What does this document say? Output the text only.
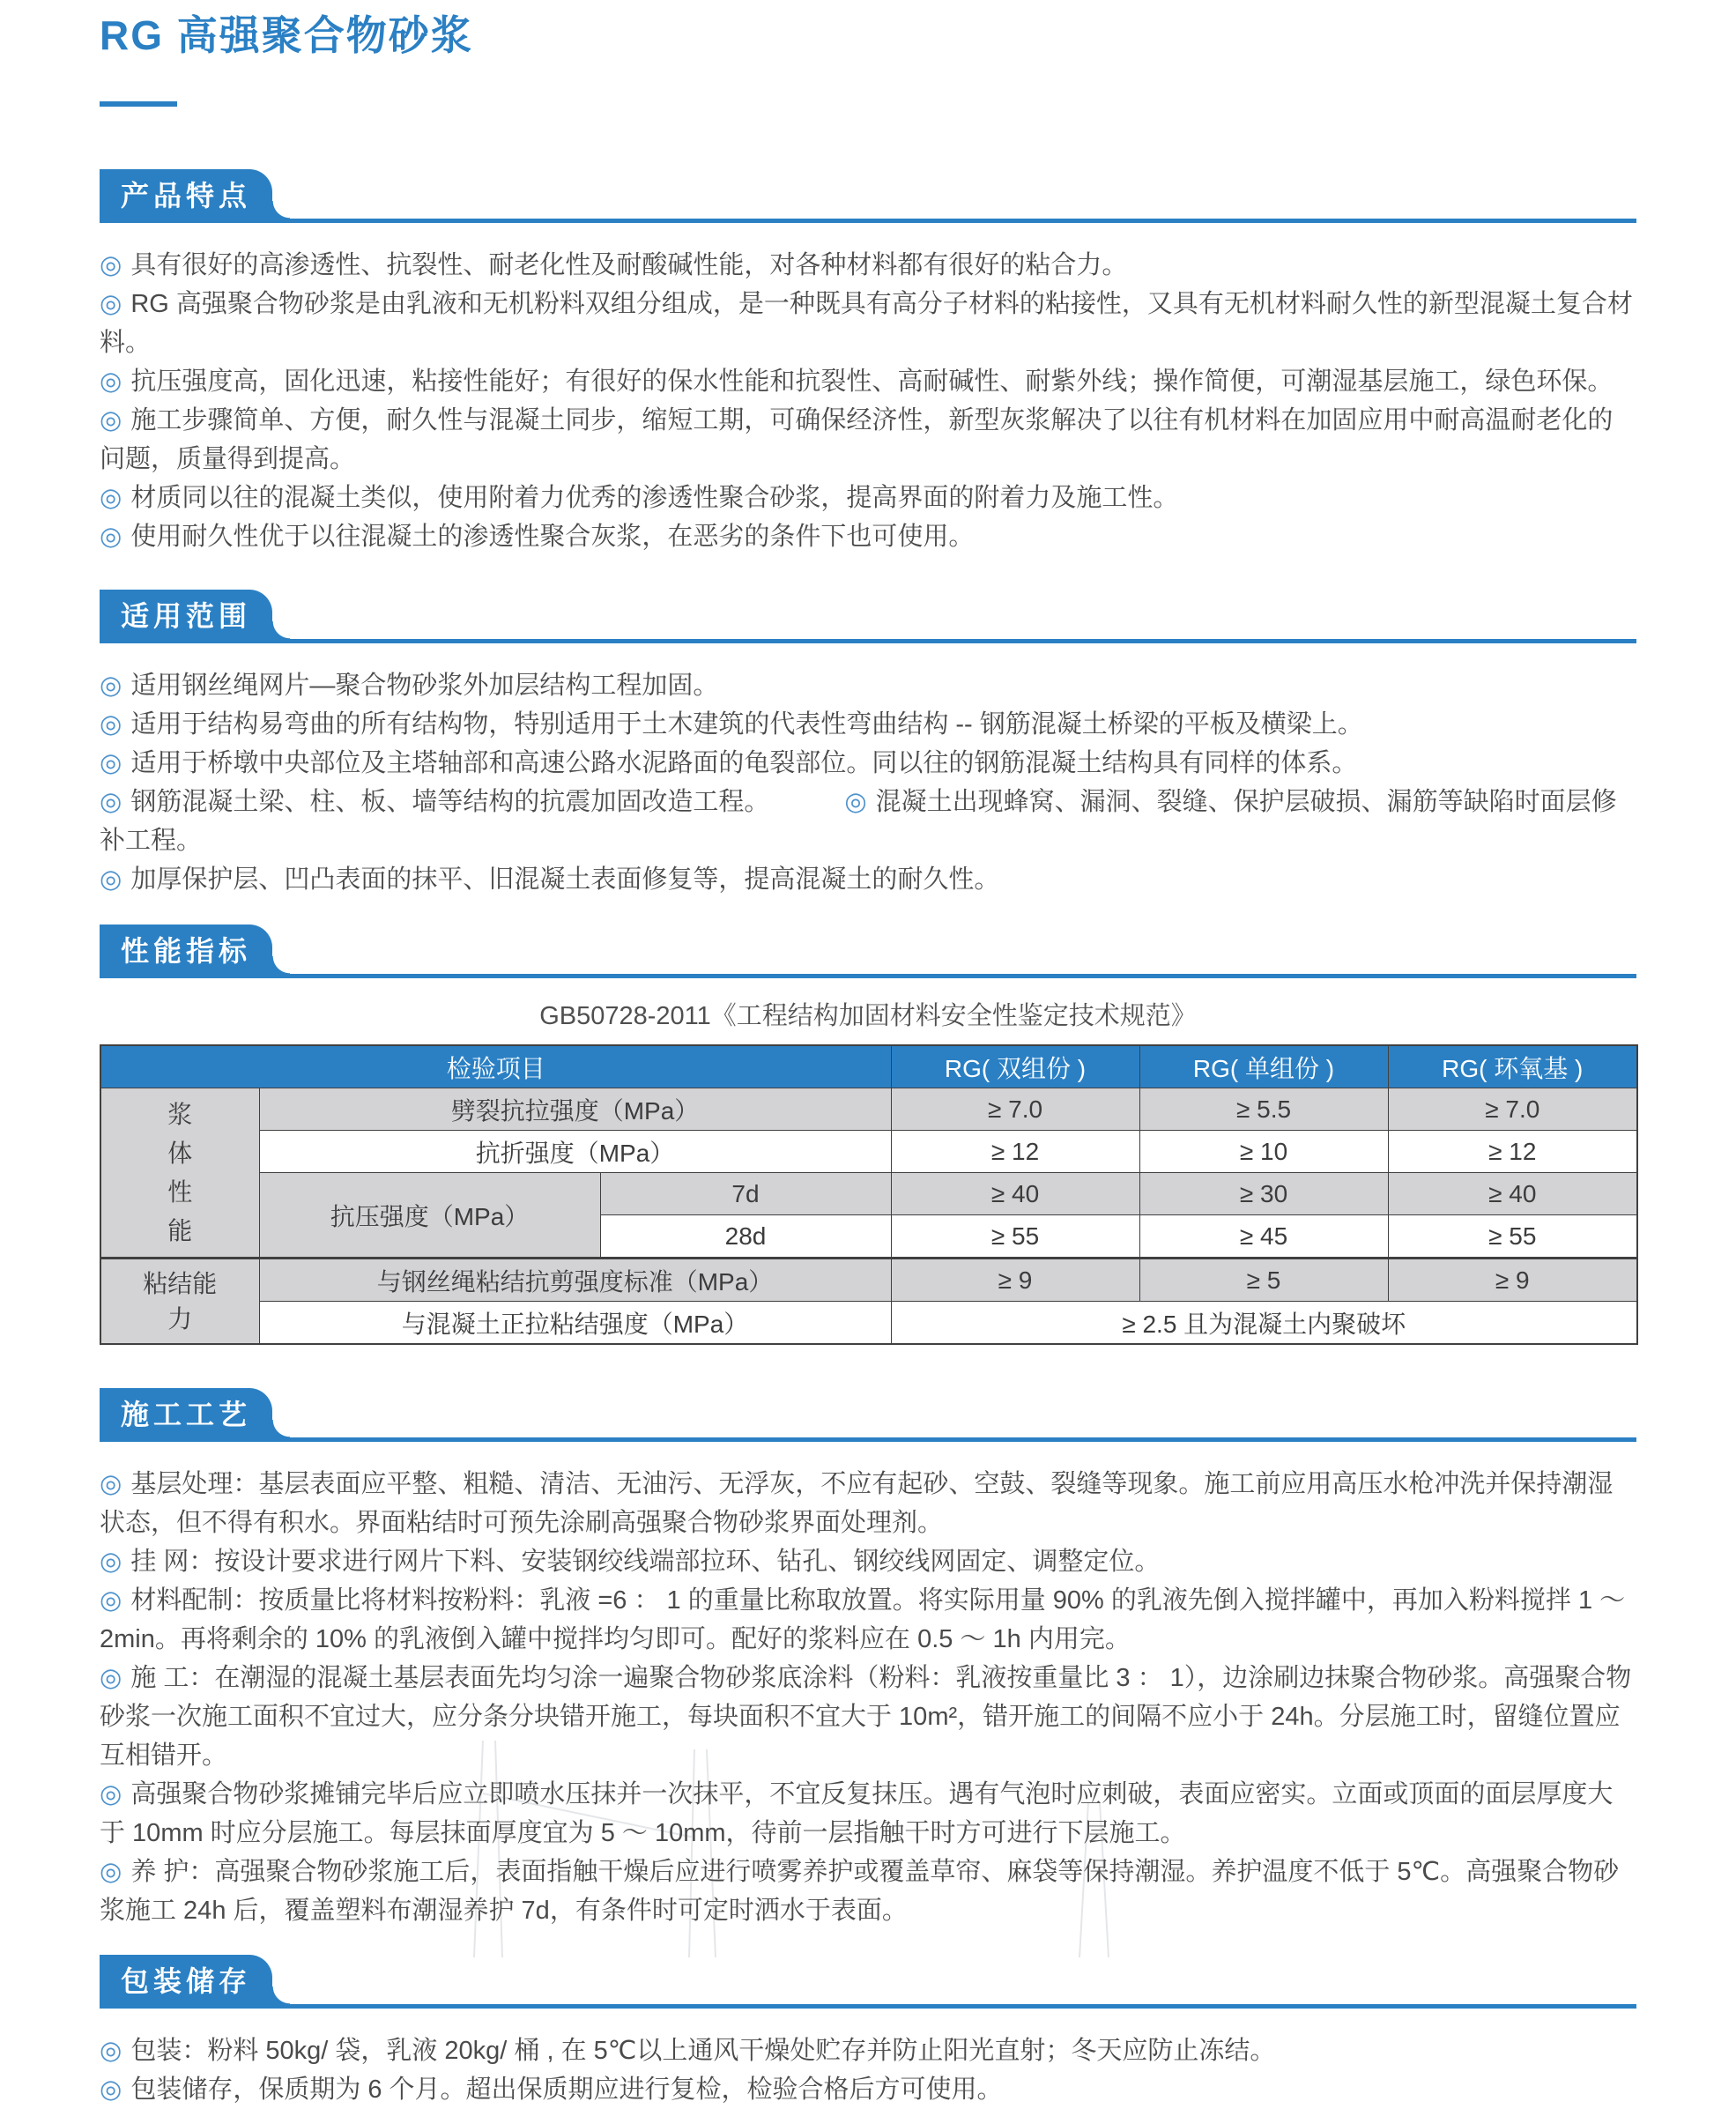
RG 高强聚合物砂浆
产品特点

◎ 具有很好的高渗透性、抗裂性、耐老化性及耐酸碱性能，对各种材料都有很好的粘合力。

◎ RG 高强聚合物砂浆是由乳液和无机粉料双组分组成，是一种既具有高分子材料的粘接性，又具有无机材料耐久性的新型混凝土复合材料。

◎ 抗压强度高，固化迅速，粘接性能好；有很好的保水性能和抗裂性、高耐碱性、耐紫外线；操作简便，可潮湿基层施工，绿色环保。

◎ 施工步骤简单、方便，耐久性与混凝土同步，缩短工期，可确保经济性，新型灰浆解决了以往有机材料在加固应用中耐高温耐老化的问题，质量得到提高。

◎ 材质同以往的混凝土类似，使用附着力优秀的渗透性聚合砂浆，提高界面的附着力及施工性。

◎ 使用耐久性优于以往混凝土的渗透性聚合灰浆，在恶劣的条件下也可使用。

适用范围

◎ 适用钢丝绳网片—聚合物砂浆外加层结构工程加固。

◎ 适用于结构易弯曲的所有结构物，特别适用于土木建筑的代表性弯曲结构 -- 钢筋混凝土桥梁的平板及横梁上。

◎ 适用于桥墩中央部位及主塔轴部和高速公路水泥路面的龟裂部位。同以往的钢筋混凝土结构具有同样的体系。

◎ 钢筋混凝土梁、柱、板、墙等结构的抗震加固改造工程。	◎ 混凝土出现蜂窝、漏洞、裂缝、保护层破损、漏筋等缺陷时面层修补工程。

◎ 加厚保护层、凹凸表面的抹平、旧混凝土表面修复等，提高混凝土的耐久性。

性能指标
GB50728-2011《工程结构加固材料安全性鉴定技术规范》
检验项目			RG( 双组份 )	RG( 单组份 )	RG( 环氧基 )
浆体性能	劈裂抗拉强度（MPa）		≥ 7.0	≥ 5.5	≥ 7.0
	抗折强度（MPa）		≥ 12	≥ 10	≥ 12
	抗压强度（MPa）	7d	≥ 40	≥ 30	≥ 40
		28d	≥ 55	≥ 45	≥ 55
粘结能力	与钢丝绳粘结抗剪强度标准（MPa）		≥ 9	≥ 5	≥ 9
	与混凝土正拉粘结强度（MPa）		≥ 2.5 且为混凝土内聚破坏		
施工工艺

◎ 基层处理：基层表面应平整、粗糙、清洁、无油污、无浮灰，不应有起砂、空鼓、裂缝等现象。施工前应用高压水枪冲洗并保持潮湿状态，但不得有积水。界面粘结时可预先涂刷高强聚合物砂浆界面处理剂。

◎ 挂 网：按设计要求进行网片下料、安装钢绞线端部拉环、钻孔、钢绞线网固定、调整定位。

◎ 材料配制：按质量比将材料按粉料：乳液 =6 ： 1 的重量比称取放置。将实际用量 90% 的乳液先倒入搅拌罐中，再加入粉料搅拌 1 ～ 2min。再将剩余的 10% 的乳液倒入罐中搅拌均匀即可。配好的浆料应在 0.5 ～ 1h 内用完。

◎ 施 工：在潮湿的混凝土基层表面先均匀涂一遍聚合物砂浆底涂料（粉料：乳液按重量比 3 ： 1），边涂刷边抹聚合物砂浆。高强聚合物砂浆一次施工面积不宜过大，应分条分块错开施工，每块面积不宜大于 10m²，错开施工的间隔不应小于 24h。分层施工时，留缝位置应互相错开。

◎ 高强聚合物砂浆摊铺完毕后应立即喷水压抹并一次抹平，不宜反复抹压。遇有气泡时应刺破，表面应密实。立面或顶面的面层厚度大于 10mm 时应分层施工。每层抹面厚度宜为 5 ～ 10mm，待前一层指触干时方可进行下层施工。

◎ 养 护：高强聚合物砂浆施工后，表面指触干燥后应进行喷雾养护或覆盖草帘、麻袋等保持潮湿。养护温度不低于 5℃。高强聚合物砂浆施工 24h 后，覆盖塑料布潮湿养护 7d，有条件时可定时洒水于表面。

包装储存

◎ 包装：粉料 50kg/ 袋，乳液 20kg/ 桶 , 在 5℃以上通风干燥处贮存并防止阳光直射；冬天应防止冻结。

◎ 包装储存，保质期为 6 个月。超出保质期应进行复检，检验合格后方可使用。
